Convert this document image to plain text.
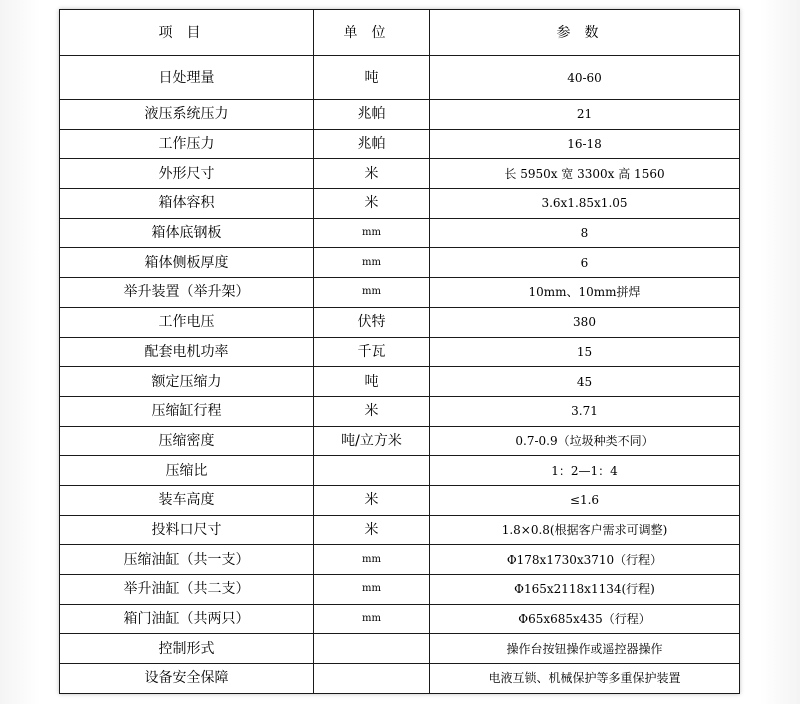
项目	单位	参数
日处理量	吨	40-60
液压系统压力	兆帕	21
工作压力	兆帕	16-18
外形尺寸	米	长 5950x 宽 3300x 高 1560
箱体容积	米	3.6x1.85x1.05
箱体底钢板	mm	8
箱体侧板厚度	mm	6
举升装置（举升架）	mm	10mm、10mm拼焊
工作电压	伏特	380
配套电机功率	千瓦	15
额定压缩力	吨	45
压缩缸行程	米	3.71
压缩密度	吨/立方米	0.7-0.9（垃圾种类不同）
压缩比		1：2—1：4
装车高度	米	≤1.6
投料口尺寸	米	1.8×0.8(根据客户需求可调整)
压缩油缸（共一支）	mm	Φ178x1730x3710（行程）
举升油缸（共二支）	mm	Φ165x2118x1134(行程)
箱门油缸（共两只）	mm	Φ65x685x435（行程）
控制形式		操作台按钮操作或遥控器操作
设备安全保障		电液互锁、机械保护等多重保护装置
